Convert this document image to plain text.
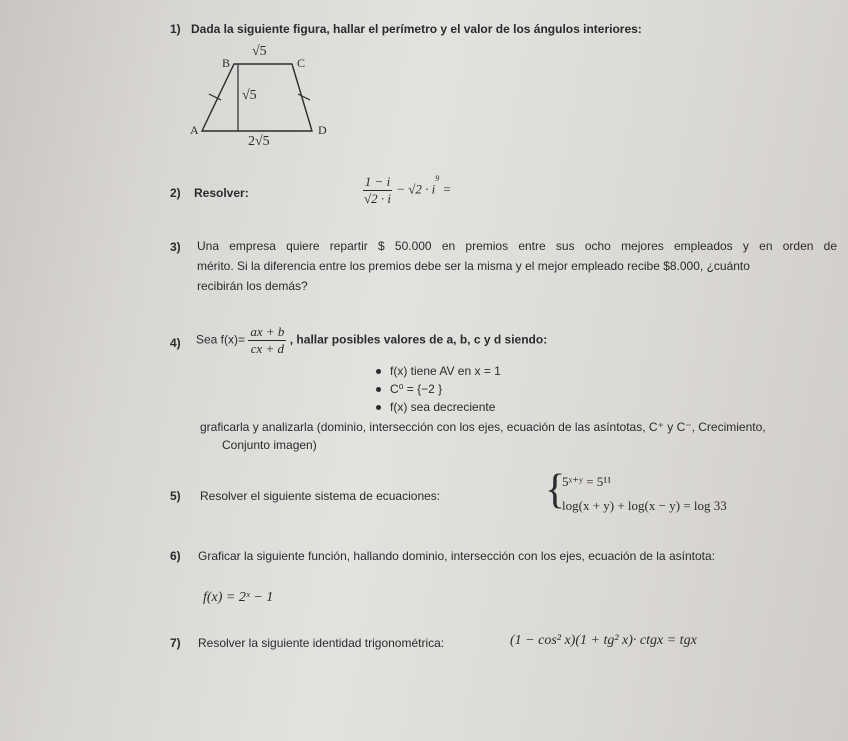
1) Dada la siguiente figura, hallar el perímetro y el valor de los ángulos interiores:
B	C
A	D
√5
√5
2√5
2) Resolver:	$\frac{1 - i}{√2 \cdot i} - √2 \cdot i^9$ =
3) Una empresa quiere repartir $ 50.000 en premios entre sus ocho mejores empleados y en orden de
mérito. Si la diferencia entre los premios debe ser la misma y el mejor empleado recibe $8.000, ¿cuánto
recibirán los demás?
4) Sea $f(x)= \frac{ax + b}{cx + d}$ , hallar posibles valores de a, b, c y d siendo:
f(x) tiene AV en x = 1
C⁰ = {−2 }
f(x) sea decreciente
graficarla y analizarla (dominio, intersección con los ejes, ecuación de las asíntotas, C⁺ y C⁻, Crecimiento,
Conjunto imagen)
5) Resolver el siguiente sistema de ecuaciones: {
5ˣ⁺ʸ = 5¹¹
log(x + y) + log(x − y) = log 33
6) Graficar la siguiente función, hallando dominio, intersección con los ejes, ecuación de la asíntota:
f(x) = 2ˣ − 1
7) Resolver la siguiente identidad trigonométrica:	(1 − cos² x)(1 + tg² x)· ctgx = tgx
